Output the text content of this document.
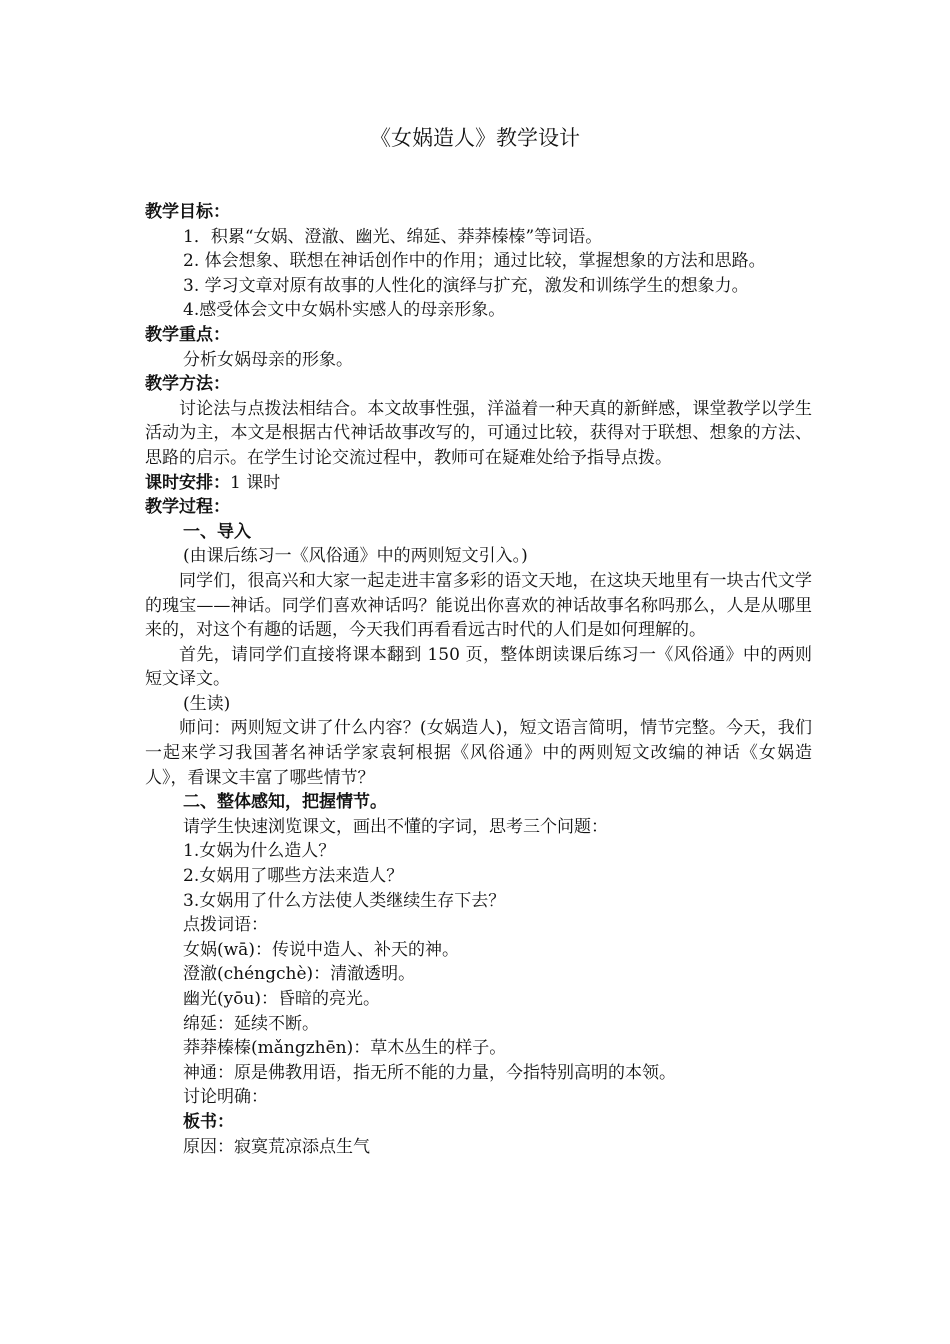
《女娲造人》教学设计
教学目标：
1．积累“女娲、澄澈、幽光、绵延、莽莽榛榛”等词语。
2. 体会想象、联想在神话创作中的作用；通过比较，掌握想象的方法和思路。
3. 学习文章对原有故事的人性化的演绎与扩充，激发和训练学生的想象力。
4.感受体会文中女娲朴实感人的母亲形象。
教学重点：
分析女娲母亲的形象。
教学方法：
讨论法与点拨法相结合。本文故事性强，洋溢着一种天真的新鲜感，课堂教学以学生活动为主，本文是根据古代神话故事改写的，可通过比较，获得对于联想、想象的方法、思路的启示。在学生讨论交流过程中，教师可在疑难处给予指导点拨。
课时安排：1 课时
教学过程：
一、导入
(由课后练习一《风俗通》中的两则短文引入。)
同学们，很高兴和大家一起走进丰富多彩的语文天地，在这块天地里有一块古代文学的瑰宝——神话。同学们喜欢神话吗？能说出你喜欢的神话故事名称吗那么，人是从哪里来的，对这个有趣的话题，今天我们再看看远古时代的人们是如何理解的。
首先，请同学们直接将课本翻到 150 页，整体朗读课后练习一《风俗通》中的两则短文译文。
(生读)
师问：两则短文讲了什么内容？(女娲造人)，短文语言简明，情节完整。今天，我们一起来学习我国著名神话学家袁轲根据《风俗通》中的两则短文改编的神话《女娲造人》，看课文丰富了哪些情节？
二、整体感知，把握情节。
请学生快速浏览课文，画出不懂的字词，思考三个问题：
1.女娲为什么造人？
2.女娲用了哪些方法来造人？
3.女娲用了什么方法使人类继续生存下去？
点拨词语：
女娲(wā)：传说中造人、补天的神。
澄澈(chéngchè)：清澈透明。
幽光(yōu)：昏暗的亮光。
绵延：延续不断。
莽莽榛榛(mǎngzhēn)：草木丛生的样子。
神通：原是佛教用语，指无所不能的力量，今指特别高明的本领。
讨论明确：
板书：
原因：寂寞荒凉添点生气
